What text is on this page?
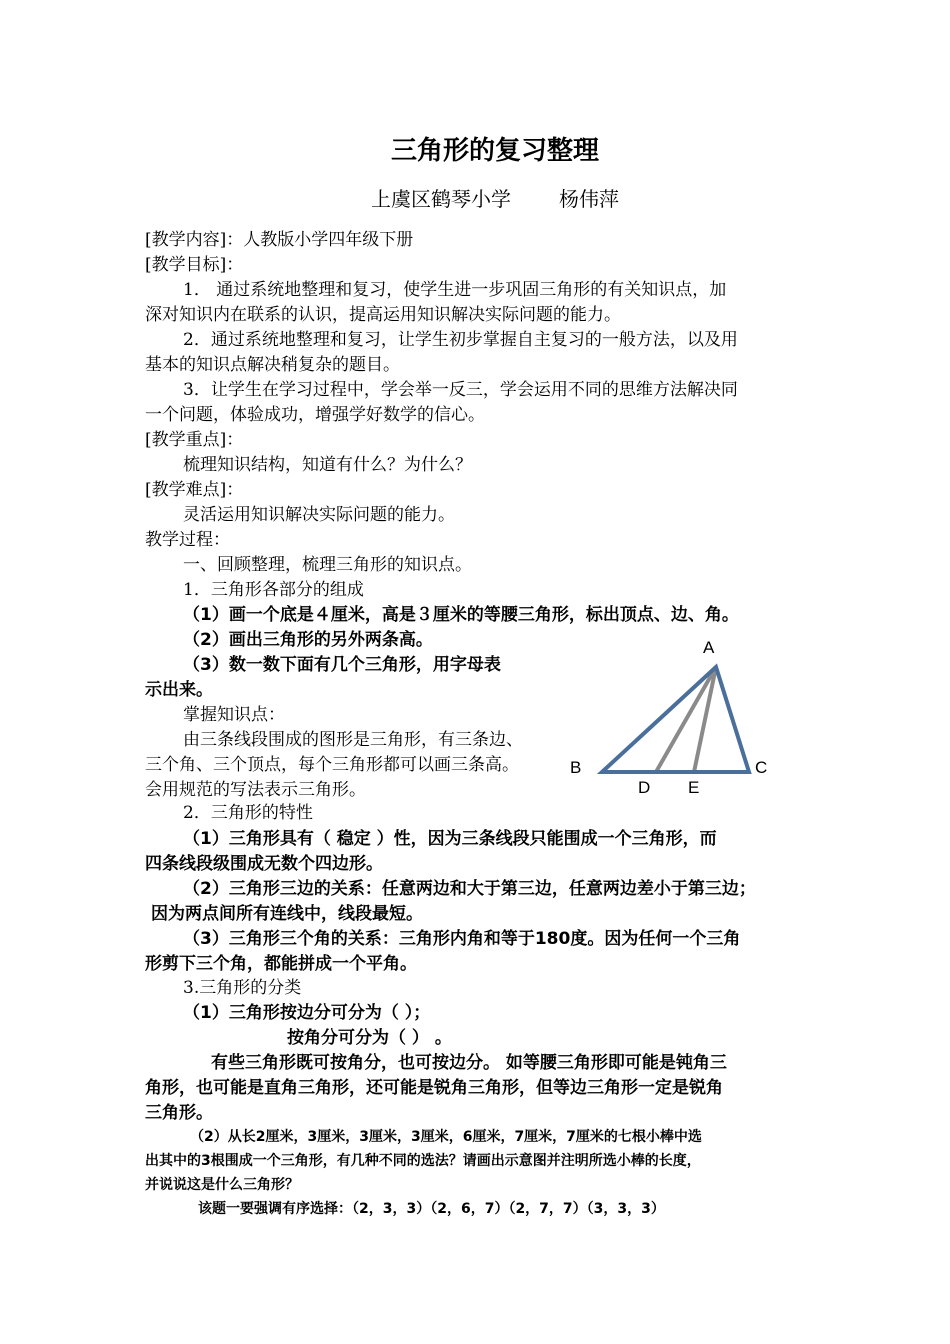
三角形的复习整理
上虞区鹤琴小学 杨伟萍
[教学内容]：人教版小学四年级下册
[教学目标]：
1． 通过系统地整理和复习，使学生进一步巩固三角形的有关知识点，加
深对知识内在联系的认识，提高运用知识解决实际问题的能力。
2．通过系统地整理和复习，让学生初步掌握自主复习的一般方法，以及用
基本的知识点解决稍复杂的题目。
3．让学生在学习过程中，学会举一反三，学会运用不同的思维方法解决同
一个问题，体验成功，增强学好数学的信心。
[教学重点]：
梳理知识结构，知道有什么？为什么？
[教学难点]：
灵活运用知识解决实际问题的能力。
教学过程：
一、回顾整理，梳理三角形的知识点。
1．三角形各部分的组成
（1）画一个底是４厘米，高是３厘米的等腰三角形，标出顶点、边、角。
（2）画出三角形的另外两条高。
（3）数一数下面有几个三角形，用字母表
示出来。
掌握知识点：
由三条线段围成的图形是三角形，有三条边、
三个角、三个顶点，每个三角形都可以画三条高。
会用规范的写法表示三角形。
A
B	C
D E
2．三角形的特性
（1）三角形具有（ 稳定 ）性，因为三条线段只能围成一个三角形，而
四条线段级围成无数个四边形。
（2）三角形三边的关系：任意两边和大于第三边，任意两边差小于第三边；
因为两点间所有连线中，线段最短。
（3）三角形三个角的关系：三角形内角和等于180度。因为任何一个三角
形剪下三个角，都能拼成一个平角。
3.三角形的分类
（1）三角形按边分可分为（ ）；
按角分可分为（ ） 。
有些三角形既可按角分，也可按边分。 如等腰三角形即可能是钝角三
角形，也可能是直角三角形，还可能是锐角三角形，但等边三角形一定是锐角
三角形。
（2）从长2厘米，3厘米，3厘米，3厘米，6厘米，7厘米，7厘米的七根小棒中选
出其中的3根围成一个三角形，有几种不同的选法？请画出示意图并注明所选小棒的长度，
并说说这是什么三角形？
该题一要强调有序选择：（2，3，3）（2，6，7）（2，7，7）（3，3，3）
